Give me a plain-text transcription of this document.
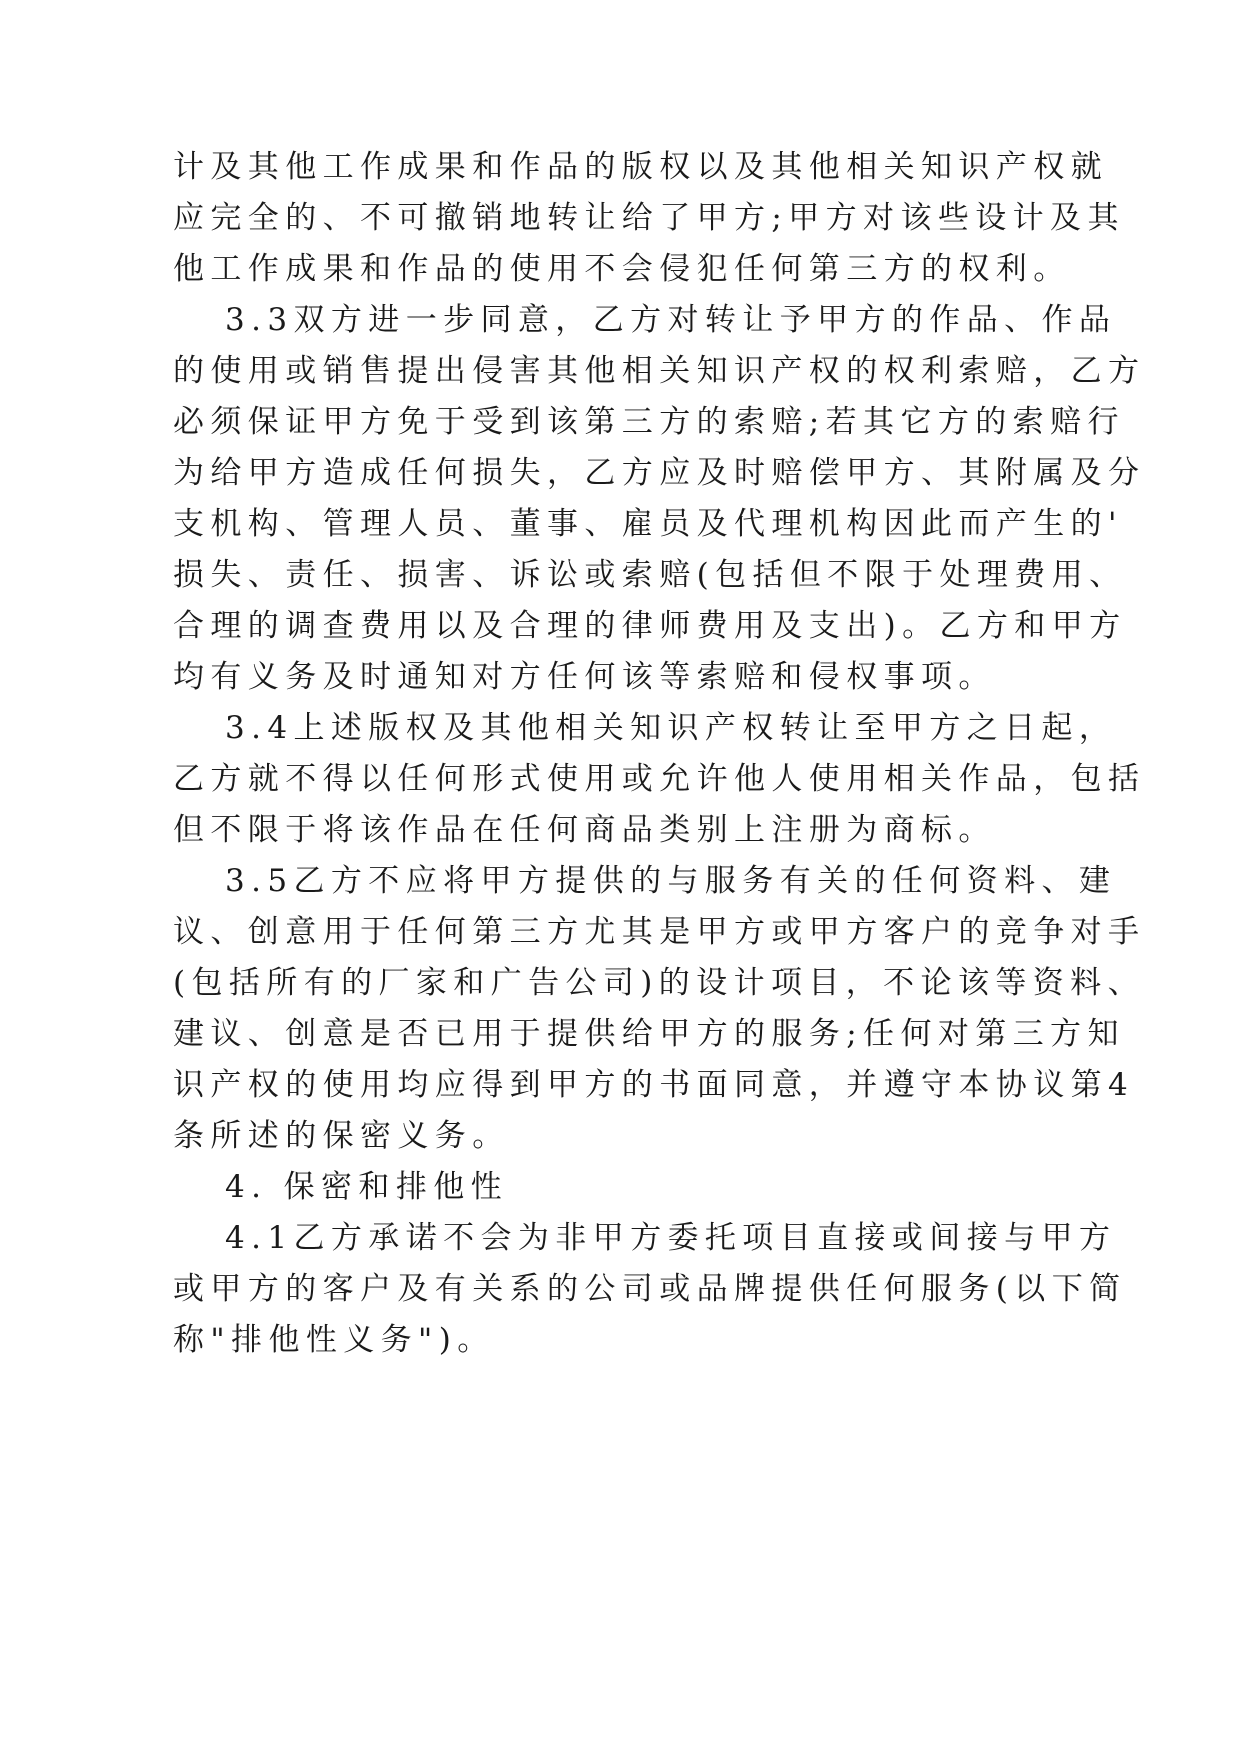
计及其他工作成果和作品的版权以及其他相关知识产权就
应完全的、不可撤销地转让给了甲方;甲方对该些设计及其
他工作成果和作品的使用不会侵犯任何第三方的权利。
3.3双方进一步同意，乙方对转让予甲方的作品、作品
的使用或销售提出侵害其他相关知识产权的权利索赔，乙方
必须保证甲方免于受到该第三方的索赔;若其它方的索赔行
为给甲方造成任何损失，乙方应及时赔偿甲方、其附属及分
支机构、管理人员、董事、雇员及代理机构因此而产生的'
损失、责任、损害、诉讼或索赔(包括但不限于处理费用、
合理的调查费用以及合理的律师费用及支出)。乙方和甲方
均有义务及时通知对方任何该等索赔和侵权事项。
3.4上述版权及其他相关知识产权转让至甲方之日起，
乙方就不得以任何形式使用或允许他人使用相关作品，包括
但不限于将该作品在任何商品类别上注册为商标。
3.5乙方不应将甲方提供的与服务有关的任何资料、建
议、创意用于任何第三方尤其是甲方或甲方客户的竞争对手
(包括所有的厂家和广告公司)的设计项目，不论该等资料、
建议、创意是否已用于提供给甲方的服务;任何对第三方知
识产权的使用均应得到甲方的书面同意，并遵守本协议第4
条所述的保密义务。
4. 保密和排他性
4.1乙方承诺不会为非甲方委托项目直接或间接与甲方
或甲方的客户及有关系的公司或品牌提供任何服务(以下简
称"排他性义务")。
